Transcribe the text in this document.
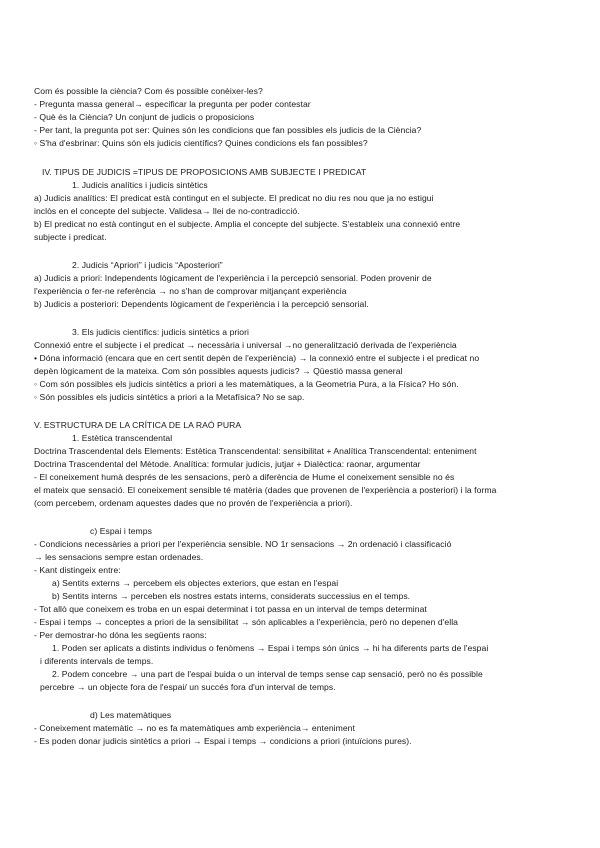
Com és possible la ciència? Com és possible conèixer-les?
- Pregunta massa general→ especificar la pregunta per poder contestar
- Què és la Ciència? Un conjunt de judicis o proposicions
- Per tant, la pregunta pot ser: Quines són les condicions que fan possibles els judicis de la Ciència?
◦ S'ha d'esbrinar: Quins són els judicis científics? Quines condicions els fan possibles?
IV. TIPUS DE JUDICIS =TIPUS DE PROPOSICIONS AMB SUBJECTE I PREDICAT
1. Judicis analítics i judicis sintètics
a) Judicis analítics: El predicat està contingut en el subjecte. El predicat no diu res nou que ja no estigui
inclòs en el concepte del subjecte. Validesa→ llei de no-contradicció.
b) El predicat no està contingut en el subjecte. Amplia el concepte del subjecte. S'estableix una connexió entre
subjecte i predicat.
2. Judicis “Apriori” i judicis “Aposteriori”
a) Judicis a priori: Independents lògicament de l'experiència i la percepció sensorial. Poden provenir de
l'experiència o fer-ne referència → no s'han de comprovar mitjançant experiència
b) Judicis a posteriori: Dependents lògicament de l'experiència i la percepció sensorial.
3. Els judicis científics: judicis sintètics a priori
Connexió entre el subjecte i el predicat → necessària i universal →no generalització derivada de l'experiència
• Dóna informació (encara que en cert sentit depèn de l'experiència) → la connexió entre el subjecte i el predicat no
depèn lògicament de la mateixa. Com són possibles aquests judicis? → Qüestió massa general
◦ Com són possibles els judicis sintètics a priori a les matemàtiques, a la Geometria Pura, a la Física? Ho són.
◦ Són possibles els judicis sintètics a priori a la Metafísica? No se sap.
V. ESTRUCTURA DE LA CRÍTICA DE LA RAÓ PURA
1. Estètica transcendental
Doctrina Trascendental dels Elements: Estètica Transcendental: sensibilitat + Analítica Transcendental: enteniment
Doctrina Trascendental del Mètode. Analítica: formular judicis, jutjar + Dialèctica: raonar, argumentar
- El coneixement humà després de les sensacions, però a diferència de Hume el coneixement sensible no és
el mateix que sensació. El coneixement sensible té matèria (dades que provenen de l'experiència a posteriori) i la forma
(com percebem, ordenam aquestes dades que no provén de l'experiència a priori).
c) Espai i temps
- Condicions necessàries a priori per l'experiència sensible. NO 1r sensacions → 2n ordenació i classificació
→ les sensacions sempre estan ordenades.
- Kant distingeix entre:
a) Sentits externs → percebem els objectes exteriors, que estan en l'espai
b) Sentits interns → perceben els nostres estats interns, considerats successius en el temps.
- Tot allò que coneixem es troba en un espai determinat i tot passa en un interval de temps determinat
- Espai i temps → conceptes a priori de la sensibilitat → són aplicables a l'experiència, però no depenen d'ella
- Per demostrar-ho dóna les següents raons:
1. Poden ser aplicats a distints individus o fenòmens → Espai i temps són únics → hi ha diferents parts de l'espai
i diferents intervals de temps.
2. Podem concebre → una part de l'espai buida o un interval de temps sense cap sensació, però no és possible
percebre → un objecte fora de l'espai/ un succés fora d'un interval de temps.
d) Les matemàtiques
- Coneixement matemàtic → no es fa matemàtiques amb experiència→ enteniment
- Es poden donar judicis sintètics a priori → Espai i temps → condicions a priori (intuïcions pures).
